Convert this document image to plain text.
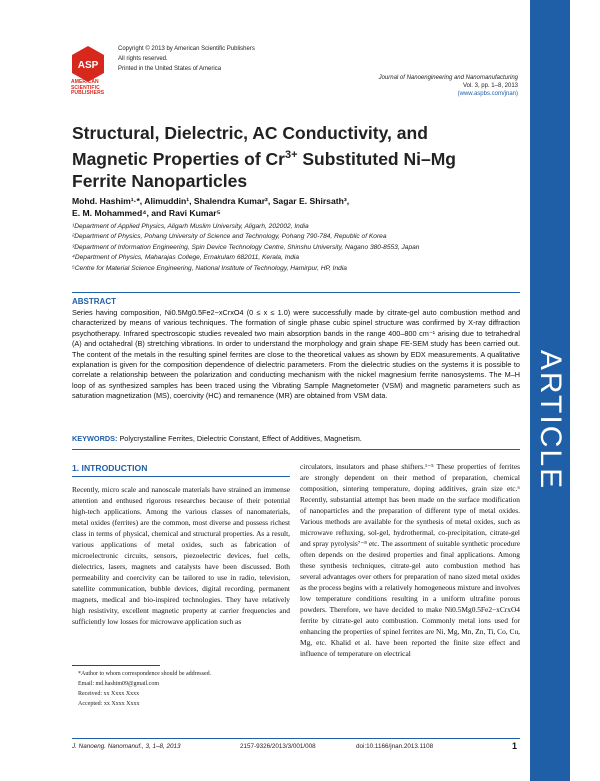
ARTICLE
ASP
AMERICAN SCIENTIFIC PUBLISHERS
Copyright © 2013 by American Scientific Publishers
All rights reserved.
Printed in the United States of America
Journal of Nanoengineering and Nanomanufacturing
Vol. 3, pp. 1–8, 2013
(www.aspbs.com/jnan)
Structural, Dielectric, AC Conductivity, and
Magnetic Properties of $Cr^{3+}$ Substituted Ni–Mg
Ferrite Nanoparticles
Mohd. Hashim¹·*, Alimuddin¹, Shalendra Kumar², Sagar E. Shirsath³,
E. M. Mohammed⁴, and Ravi Kumar⁵
¹Department of Applied Physics, Aligarh Muslim University, Aligarh, 202002, India
²Department of Physics, Pohang University of Science and Technology, Pohang 790-784, Republic of Korea
³Department of Information Engineering, Spin Device Technology Centre, Shinshu University, Nagano 380-8553, Japan
⁴Department of Physics, Maharajas College, Ernakulam 682011, Kerala, India
⁵Centre for Material Science Engineering, National Institute of Technology, Hamirpur, HP, India
ABSTRACT
Series having composition, Ni0.5Mg0.5Fe2−xCrxO4 (0 ≤ x ≤ 1.0) were successfully made by citrate-gel auto combustion method and characterized by means of various techniques. The formation of single phase cubic spinel structure was confirmed by X-ray diffraction psychotherapy. Infrared spectroscopic studies revealed two main absorption bands in the range 400–800 cm⁻¹ arising due to tetrahedral (A) and octahedral (B) stretching vibrations. In order to understand the morphology and grain shape FE-SEM study has been carried out. The content of the metals in the resulting spinel ferrites are close to the theoretical values as shown by EDX measurements. A qualitative explanation is given for the composition dependence of dielectric parameters. From the dielectric studies on the systems it is possible to correlate a relationship between the polarization and conducting mechanism with the nickel magnesium ferrite nanosystems. The M–H loop of as synthesized samples has been traced using the Vibrating Sample Magnetometer (VSM) and magnetic parameters such as saturation magnetization (MS), coercivity (HC) and remanence (MR) are obtained from VSM data.
KEYWORDS: Polycrystalline Ferrites, Dielectric Constant, Effect of Additives, Magnetism.
1. INTRODUCTION
Recently, micro scale and nanoscale materials have strained an immense attention and enthused rigorous researches because of their potential high-tech applications. Among the various classes of nanomaterials, metal oxides (ferrites) are the common, most diverse and possess richest class in terms of physical, chemical and structural properties. As a result, various applications of metal oxides, such as fabrication of microelectronic circuits, sensors, piezoelectric devices, fuel cells, dielectrics, lasers, magnets and catalysts have been discussed. Both permeability and coercivity can be tailored to use in radio, television, satellite communication, bubble devices, digital recording, permanent magnets, medical and bio-inspired technologies. They have relatively high resistivity, excellent magnetic property at carrier frequencies and sufficiently low losses for microwave application such as
circulators, insulators and phase shifters.¹⁻⁵ These properties of ferrites are strongly dependent on their method of preparation, chemical composition, sintering temperature, doping additives, grain size etc.⁶ Recently, substantial attempt has been made on the surface modification of nanoparticles and the preparation of different type of metal oxides. Various methods are available for the synthesis of metal oxides, such as microwave refluxing, sol-gel, hydrothermal, co-precipitation, citrate-gel and spray pyrolysis⁷⁻⁸ etc. The assortment of suitable synthetic procedure often depends on the desired properties and final applications. Among these synthesis techniques, citrate-gel auto combustion method has several advantages over others for preparation of nano sized metal oxides as the process begins with a relatively homogeneous mixture and involves low temperature conditions resulting in a uniform ultrafine porous powders. Therefore, we have decided to make Ni0.5Mg0.5Fe2−xCrxO4 ferrite by citrate-gel auto combustion. Commonly metal ions used for enhancing the properties of spinel ferrites are Ni, Mg, Mn, Zn, Ti, Co, Cu, Mg, etc. Khalid et al. have been reported the finite size effect and influence of temperature on electrical
*Author to whom correspondence should be addressed.
Email: md.hashim09@gmail.com
Received: xx Xxxx Xxxx
Accepted: xx Xxxx Xxxx
J. Nanoeng. Nanomanuf., 3, 1–8, 2013	2157-9326/2013/3/001/008	doi:10.1166/jnan.2013.1108	1
